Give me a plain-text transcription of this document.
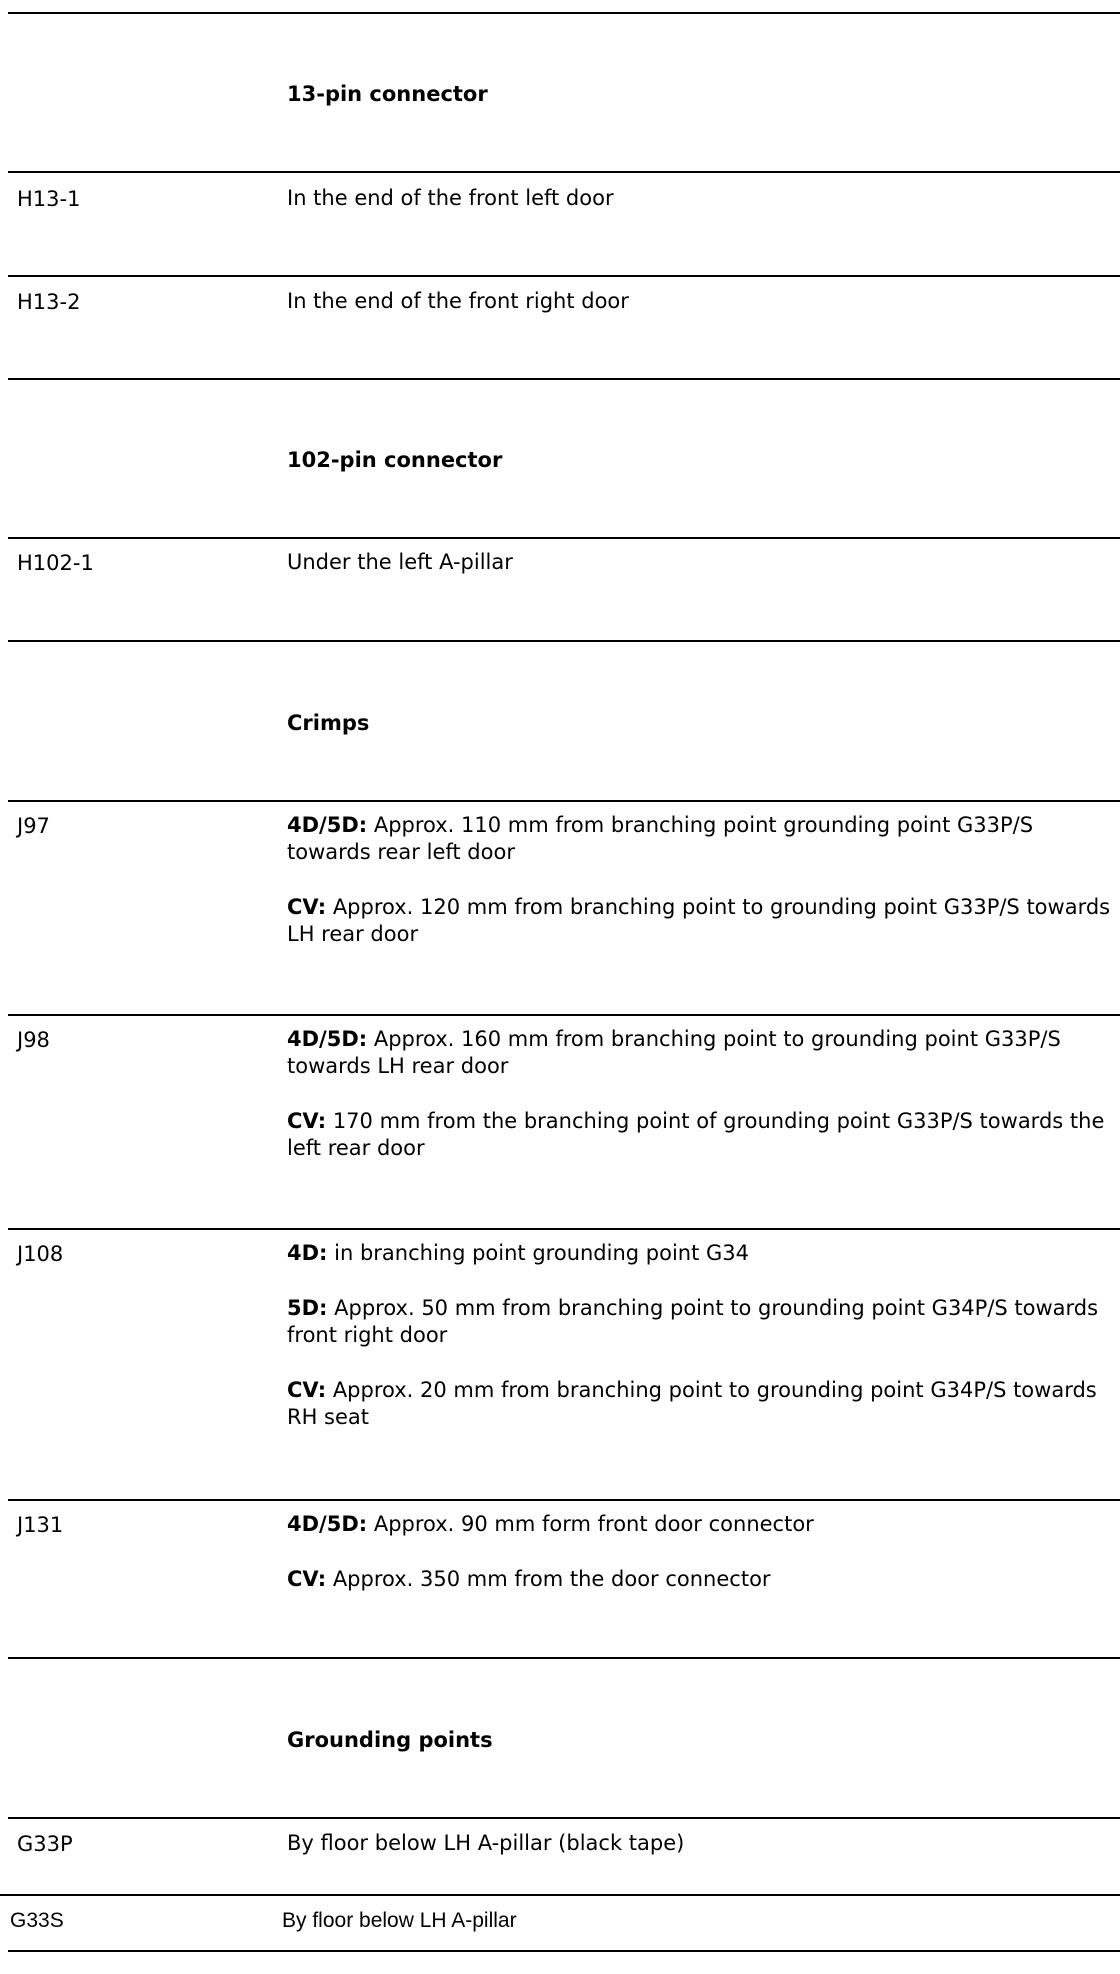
13-pin connector
H13-1	In the end of the front left door

H13-2	In the end of the front right door

102-pin connector
H102-1	Under the left A-pillar

Crimps
J97	4D/5D: Approx. 110 mm from branching point grounding point G33P/S towards rear left door

CV: Approx. 120 mm from branching point to grounding point G33P/S towards LH rear door

J98	4D/5D: Approx. 160 mm from branching point to grounding point G33P/S towards LH rear door

CV: 170 mm from the branching point of grounding point G33P/S towards the left rear door

J108	4D: in branching point grounding point G34

5D: Approx. 50 mm from branching point to grounding point G34P/S towards front right door

CV: Approx. 20 mm from branching point to grounding point G34P/S towards RH seat

J131	4D/5D: Approx. 90 mm form front door connector

CV: Approx. 350 mm from the door connector

Grounding points
G33P	By floor below LH A-pillar (black tape)

G33S	By floor below LH A-pillar
